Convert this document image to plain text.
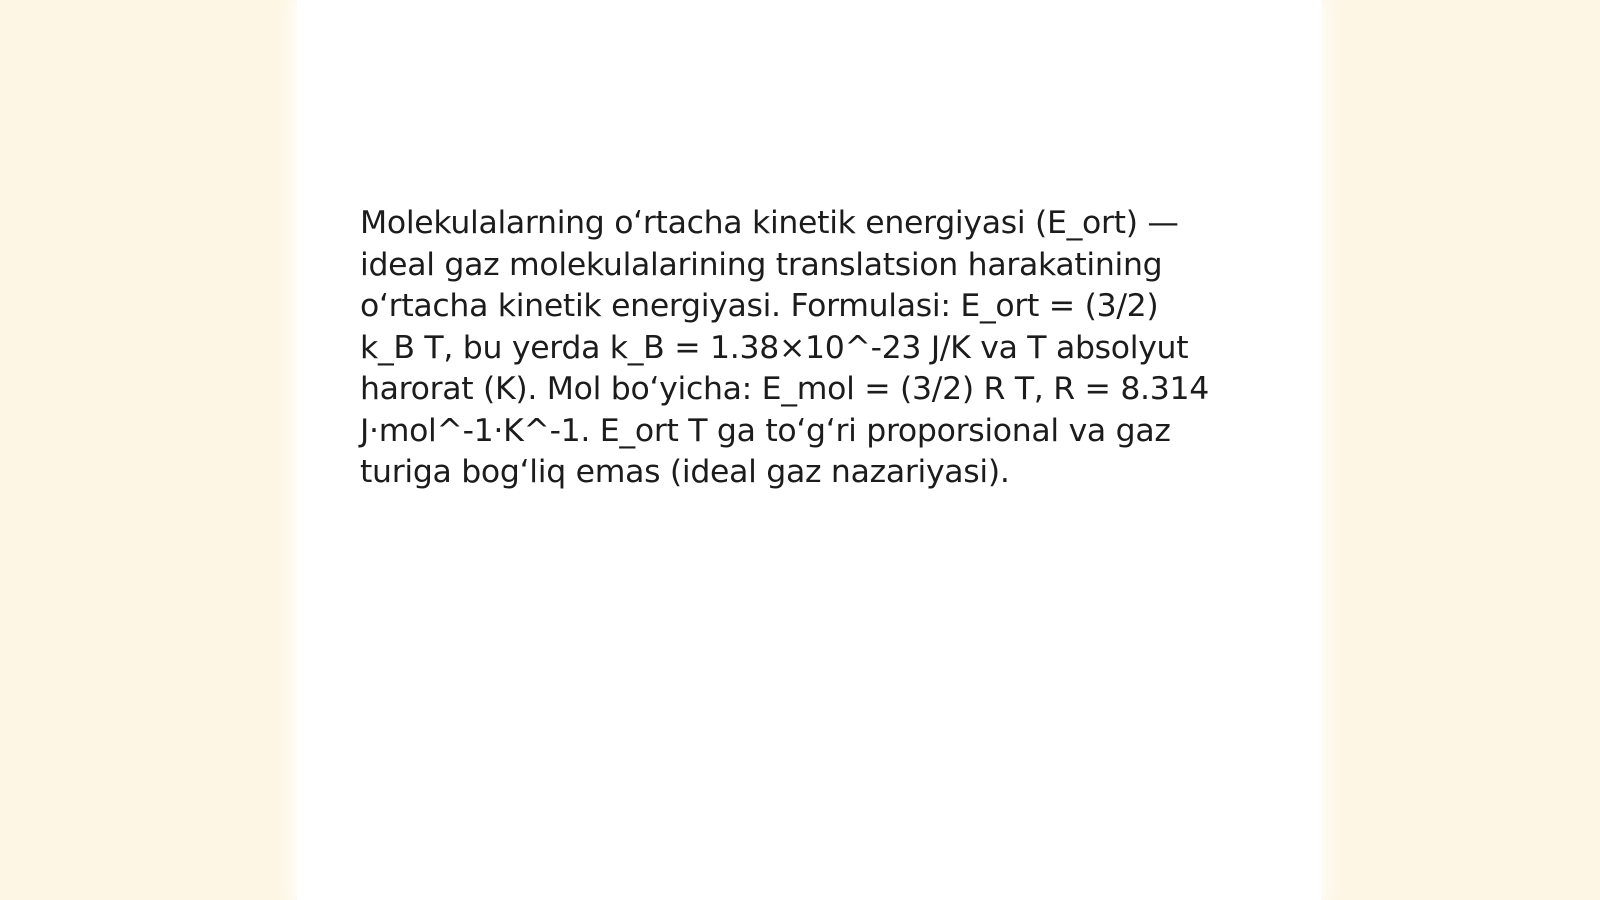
Molekulalarning o‘rtacha kinetik energiyasi (E_ort) —
ideal gaz molekulalarining translatsion harakatining
o‘rtacha kinetik energiyasi. Formulasi: E_ort = (3/2)
k_B T, bu yerda k_B = 1.38×10^-23 J/K va T absolyut
harorat (K). Mol bo‘yicha: E_mol = (3/2) R T, R = 8.314
J·mol^-1·K^-1. E_ort T ga to‘g‘ri proporsional va gaz
turiga bog‘liq emas (ideal gaz nazariyasi).
